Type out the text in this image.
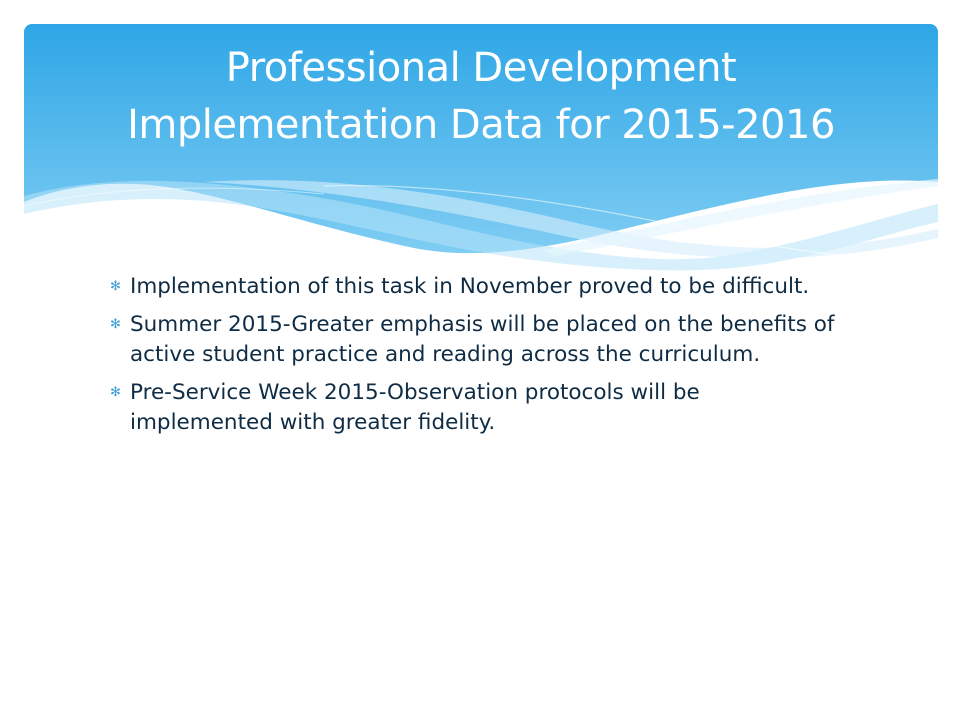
Professional Development
Implementation Data for 2015-2016
✻ Implementation of this task in November proved to be difficult.
✻ Summer 2015-Greater emphasis will be placed on the benefits of active student practice and reading across the curriculum.
✻ Pre-Service Week 2015-Observation protocols will be implemented with greater fidelity.
